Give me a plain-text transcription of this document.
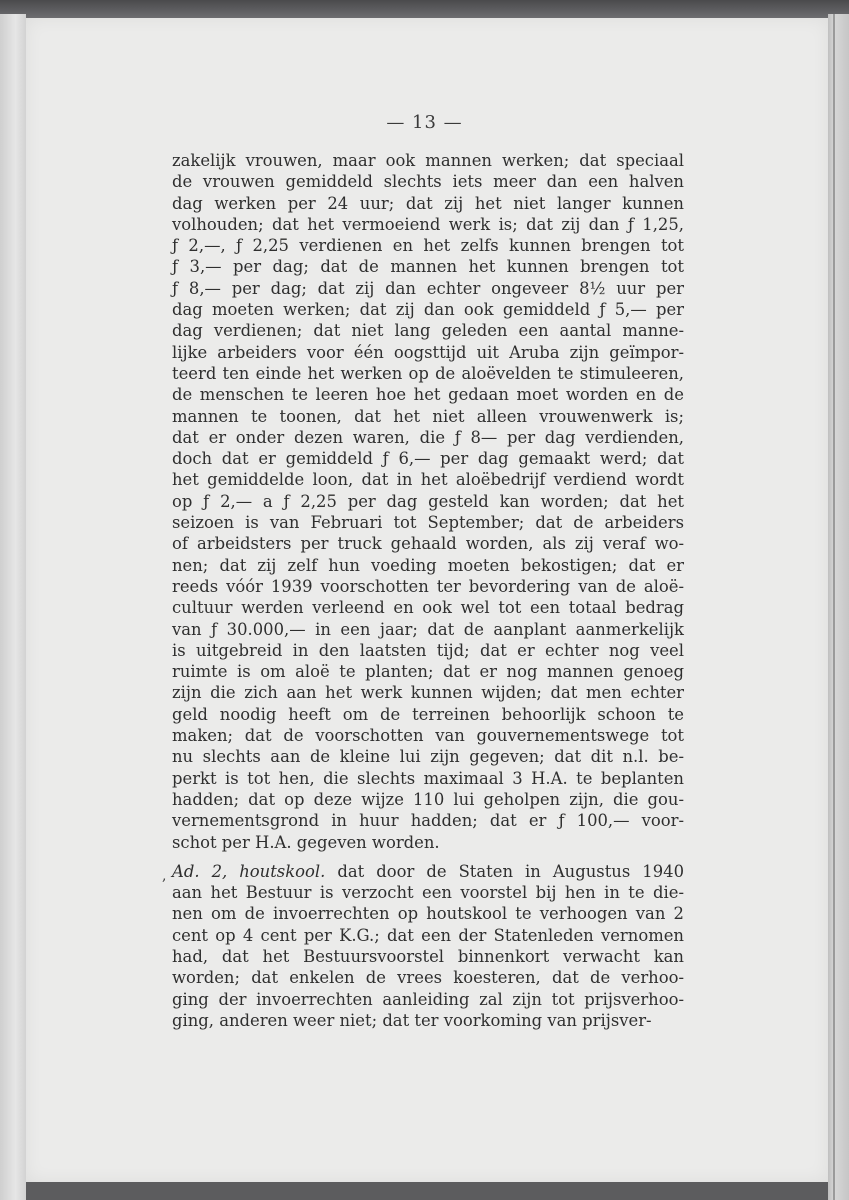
— 13 —
zakelijk vrouwen, maar ook mannen werken; dat speciaal
de vrouwen gemiddeld slechts iets meer dan een halven
dag werken per 24 uur; dat zij het niet langer kunnen
volhouden; dat het vermoeiend werk is; dat zij dan ƒ 1,25,
ƒ 2,—, ƒ 2,25 verdienen en het zelfs kunnen brengen tot
ƒ 3,— per dag; dat de mannen het kunnen brengen tot
ƒ 8,— per dag; dat zij dan echter ongeveer 8½ uur per
dag moeten werken; dat zij dan ook gemiddeld ƒ 5,— per
dag verdienen; dat niet lang geleden een aantal manne-
lijke arbeiders voor één oogsttijd uit Aruba zijn geïmpor-
teerd ten einde het werken op de aloëvelden te stimuleeren,
de menschen te leeren hoe het gedaan moet worden en de
mannen te toonen, dat het niet alleen vrouwenwerk is;
dat er onder dezen waren, die ƒ 8— per dag verdienden,
doch dat er gemiddeld ƒ 6,— per dag gemaakt werd; dat
het gemiddelde loon, dat in het aloëbedrijf verdiend wordt
op ƒ 2,— a ƒ 2,25 per dag gesteld kan worden; dat het
seizoen is van Februari tot September; dat de arbeiders
of arbeidsters per truck gehaald worden, als zij veraf wo-
nen; dat zij zelf hun voeding moeten bekostigen; dat er
reeds vóór 1939 voorschotten ter bevordering van de aloë-
cultuur werden verleend en ook wel tot een totaal bedrag
van ƒ 30.000,— in een jaar; dat de aanplant aanmerkelijk
is uitgebreid in den laatsten tijd; dat er echter nog veel
ruimte is om aloë te planten; dat er nog mannen genoeg
zijn die zich aan het werk kunnen wijden; dat men echter
geld noodig heeft om de terreinen behoorlijk schoon te
maken; dat de voorschotten van gouvernementswege tot
nu slechts aan de kleine lui zijn gegeven; dat dit n.l. be-
perkt is tot hen, die slechts maximaal 3 H.A. te beplanten
hadden; dat op deze wijze 110 lui geholpen zijn, die gou-
vernementsgrond in huur hadden; dat er ƒ 100,— voor-
schot per H.A. gegeven worden.
Ad. 2, houtskool. dat door de Staten in Augustus 1940
aan het Bestuur is verzocht een voorstel bij hen in te die-
nen om de invoerrechten op houtskool te verhoogen van 2
cent op 4 cent per K.G.; dat een der Statenleden vernomen
had, dat het Bestuursvoorstel binnenkort verwacht kan
worden; dat enkelen de vrees koesteren, dat de verhoo-
ging der invoerrechten aanleiding zal zijn tot prijsverhoo-
ging, anderen weer niet; dat ter voorkoming van prijsver-
,
